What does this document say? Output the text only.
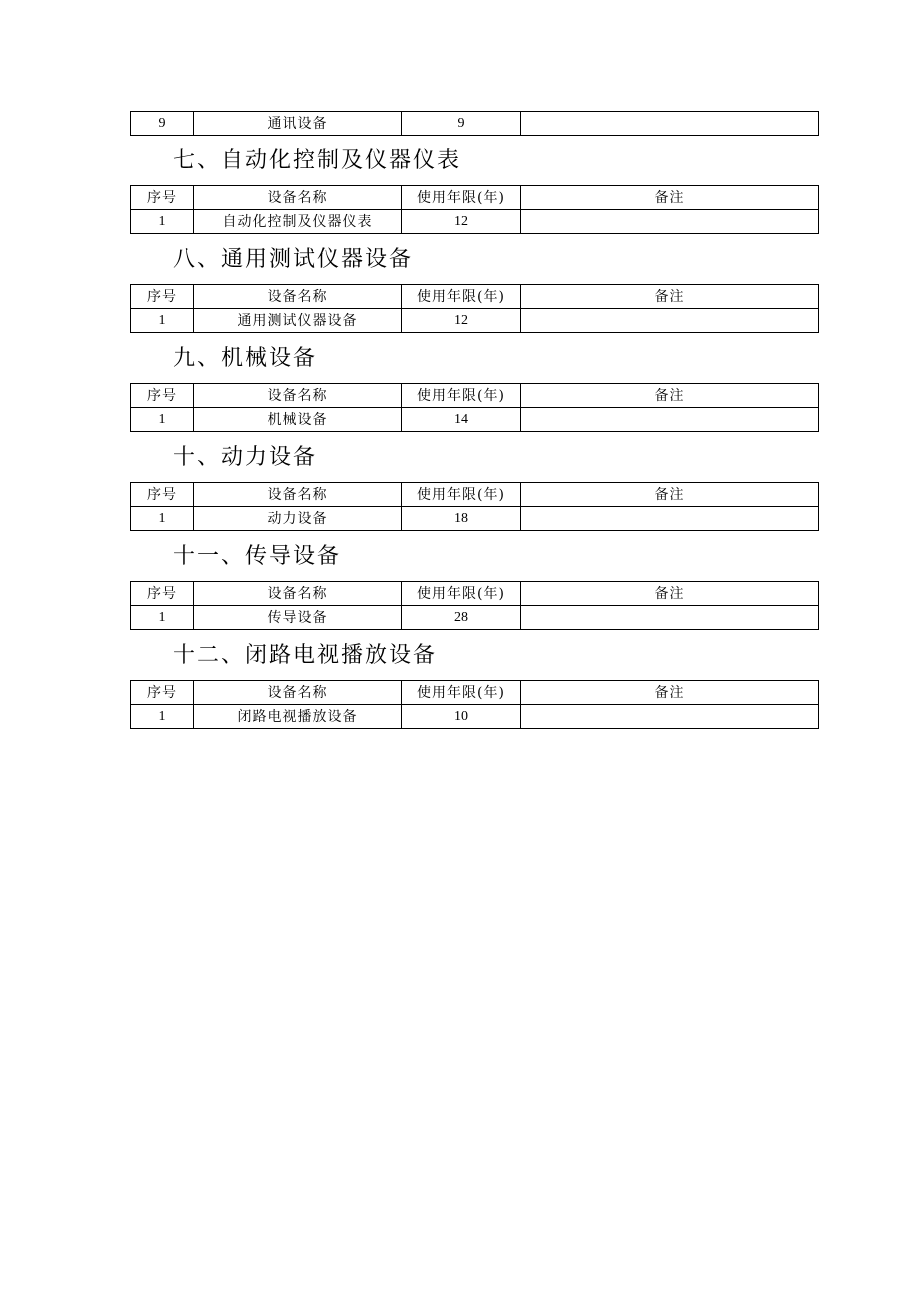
9	通讯设备	9	
七、自动化控制及仪器仪表
序号	设备名称	使用年限(年)	备注
1	自动化控制及仪器仪表	12	
八、通用测试仪器设备
序号	设备名称	使用年限(年)	备注
1	通用测试仪器设备	12	
九、机械设备
序号	设备名称	使用年限(年)	备注
1	机械设备	14	
十、动力设备
序号	设备名称	使用年限(年)	备注
1	动力设备	18	
十一、传导设备
序号	设备名称	使用年限(年)	备注
1	传导设备	28	
十二、闭路电视播放设备
序号	设备名称	使用年限(年)	备注
1	闭路电视播放设备	10	
